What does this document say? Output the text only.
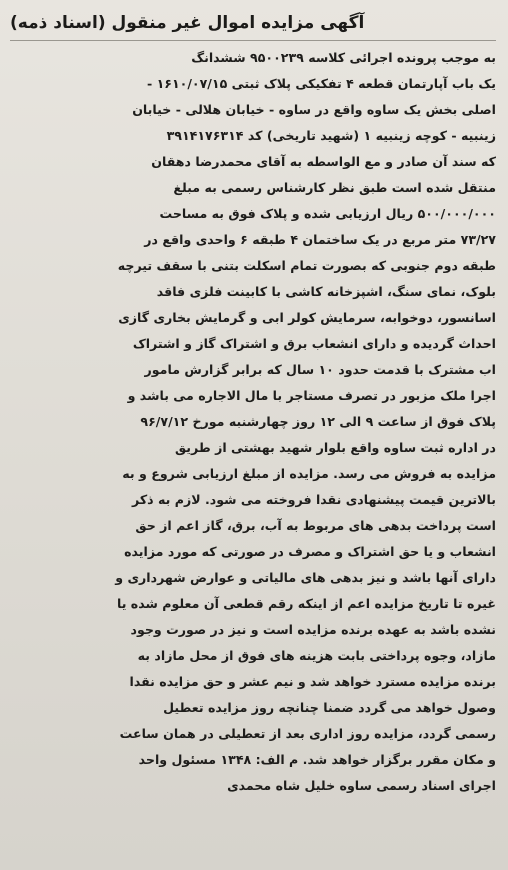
آگهی مزایده اموال غیر منقول (اسناد ذمه)
به موجب پرونده اجرائی کلاسه ۹۵۰۰۲۳۹ ششدانگ
یک باب آپارتمان قطعه ۴ تفکیکی پلاک ثبتی ۱۶۱۰/۰۷/۱۵ -
اصلی بخش یک ساوه واقع در ساوه - خیابان هلالی - خیابان
زینبیه - کوچه زینبیه ۱ (شهید تاریخی) کد ۳۹۱۴۱۷۶۳۱۴
که سند آن صادر و مع الواسطه به آقای محمدرضا دهقان
منتقل شده است طبق نظر کارشناس رسمی به مبلغ
۵۰۰/۰۰۰/۰۰۰ ریال ارزیابی شده و پلاک فوق به مساحت
۷۳/۲۷ متر مربع در یک ساختمان ۴ طبقه ۶ واحدی واقع در
طبقه دوم جنوبی که بصورت تمام اسکلت بتنی با سقف تیرچه
بلوک، نمای سنگ، اشپزخانه کاشی با کابینت فلزی فاقد
اسانسور، دوخوابه، سرمایش کولر ابی و گرمایش بخاری گازی
احداث گردیده و دارای انشعاب برق و اشتراک گاز و اشتراک
اب مشترک با قدمت حدود ۱۰ سال که برابر گزارش مامور
اجرا ملک مزبور در تصرف مستاجر با مال الاجاره می باشد و
پلاک فوق از ساعت ۹ الی ۱۲ روز چهارشنبه مورخ ۹۶/۷/۱۲
در اداره ثبت ساوه واقع بلوار شهید بهشتی از طریق
مزایده به فروش می رسد. مزایده از مبلغ ارزیابی شروع و به
بالاترین قیمت پیشنهادی نقدا فروخته می شود. لازم به ذکر
است پرداخت بدهی های مربوط به آب، برق، گاز اعم از حق
انشعاب و یا حق اشتراک و مصرف در صورتی که مورد مزایده
دارای آنها باشد و نیز بدهی های مالیاتی و عوارض شهرداری و
غیره تا تاریخ مزایده اعم از اینکه رقم قطعی آن معلوم شده یا
نشده باشد به عهده برنده مزایده است و نیز در صورت وجود
مازاد، وجوه پرداختی بابت هزینه های فوق از محل مازاد به
برنده مزایده مسترد خواهد شد و نیم عشر و حق مزایده نقدا
وصول خواهد می گردد ضمنا چنانچه روز مزایده تعطیل
رسمی گردد، مزایده روز اداری بعد از تعطیلی در همان ساعت
و مکان مقرر برگزار خواهد شد. م الف: ۱۳۴۸ مسئول واحد
اجرای اسناد رسمی ساوه خلیل شاه محمدی
